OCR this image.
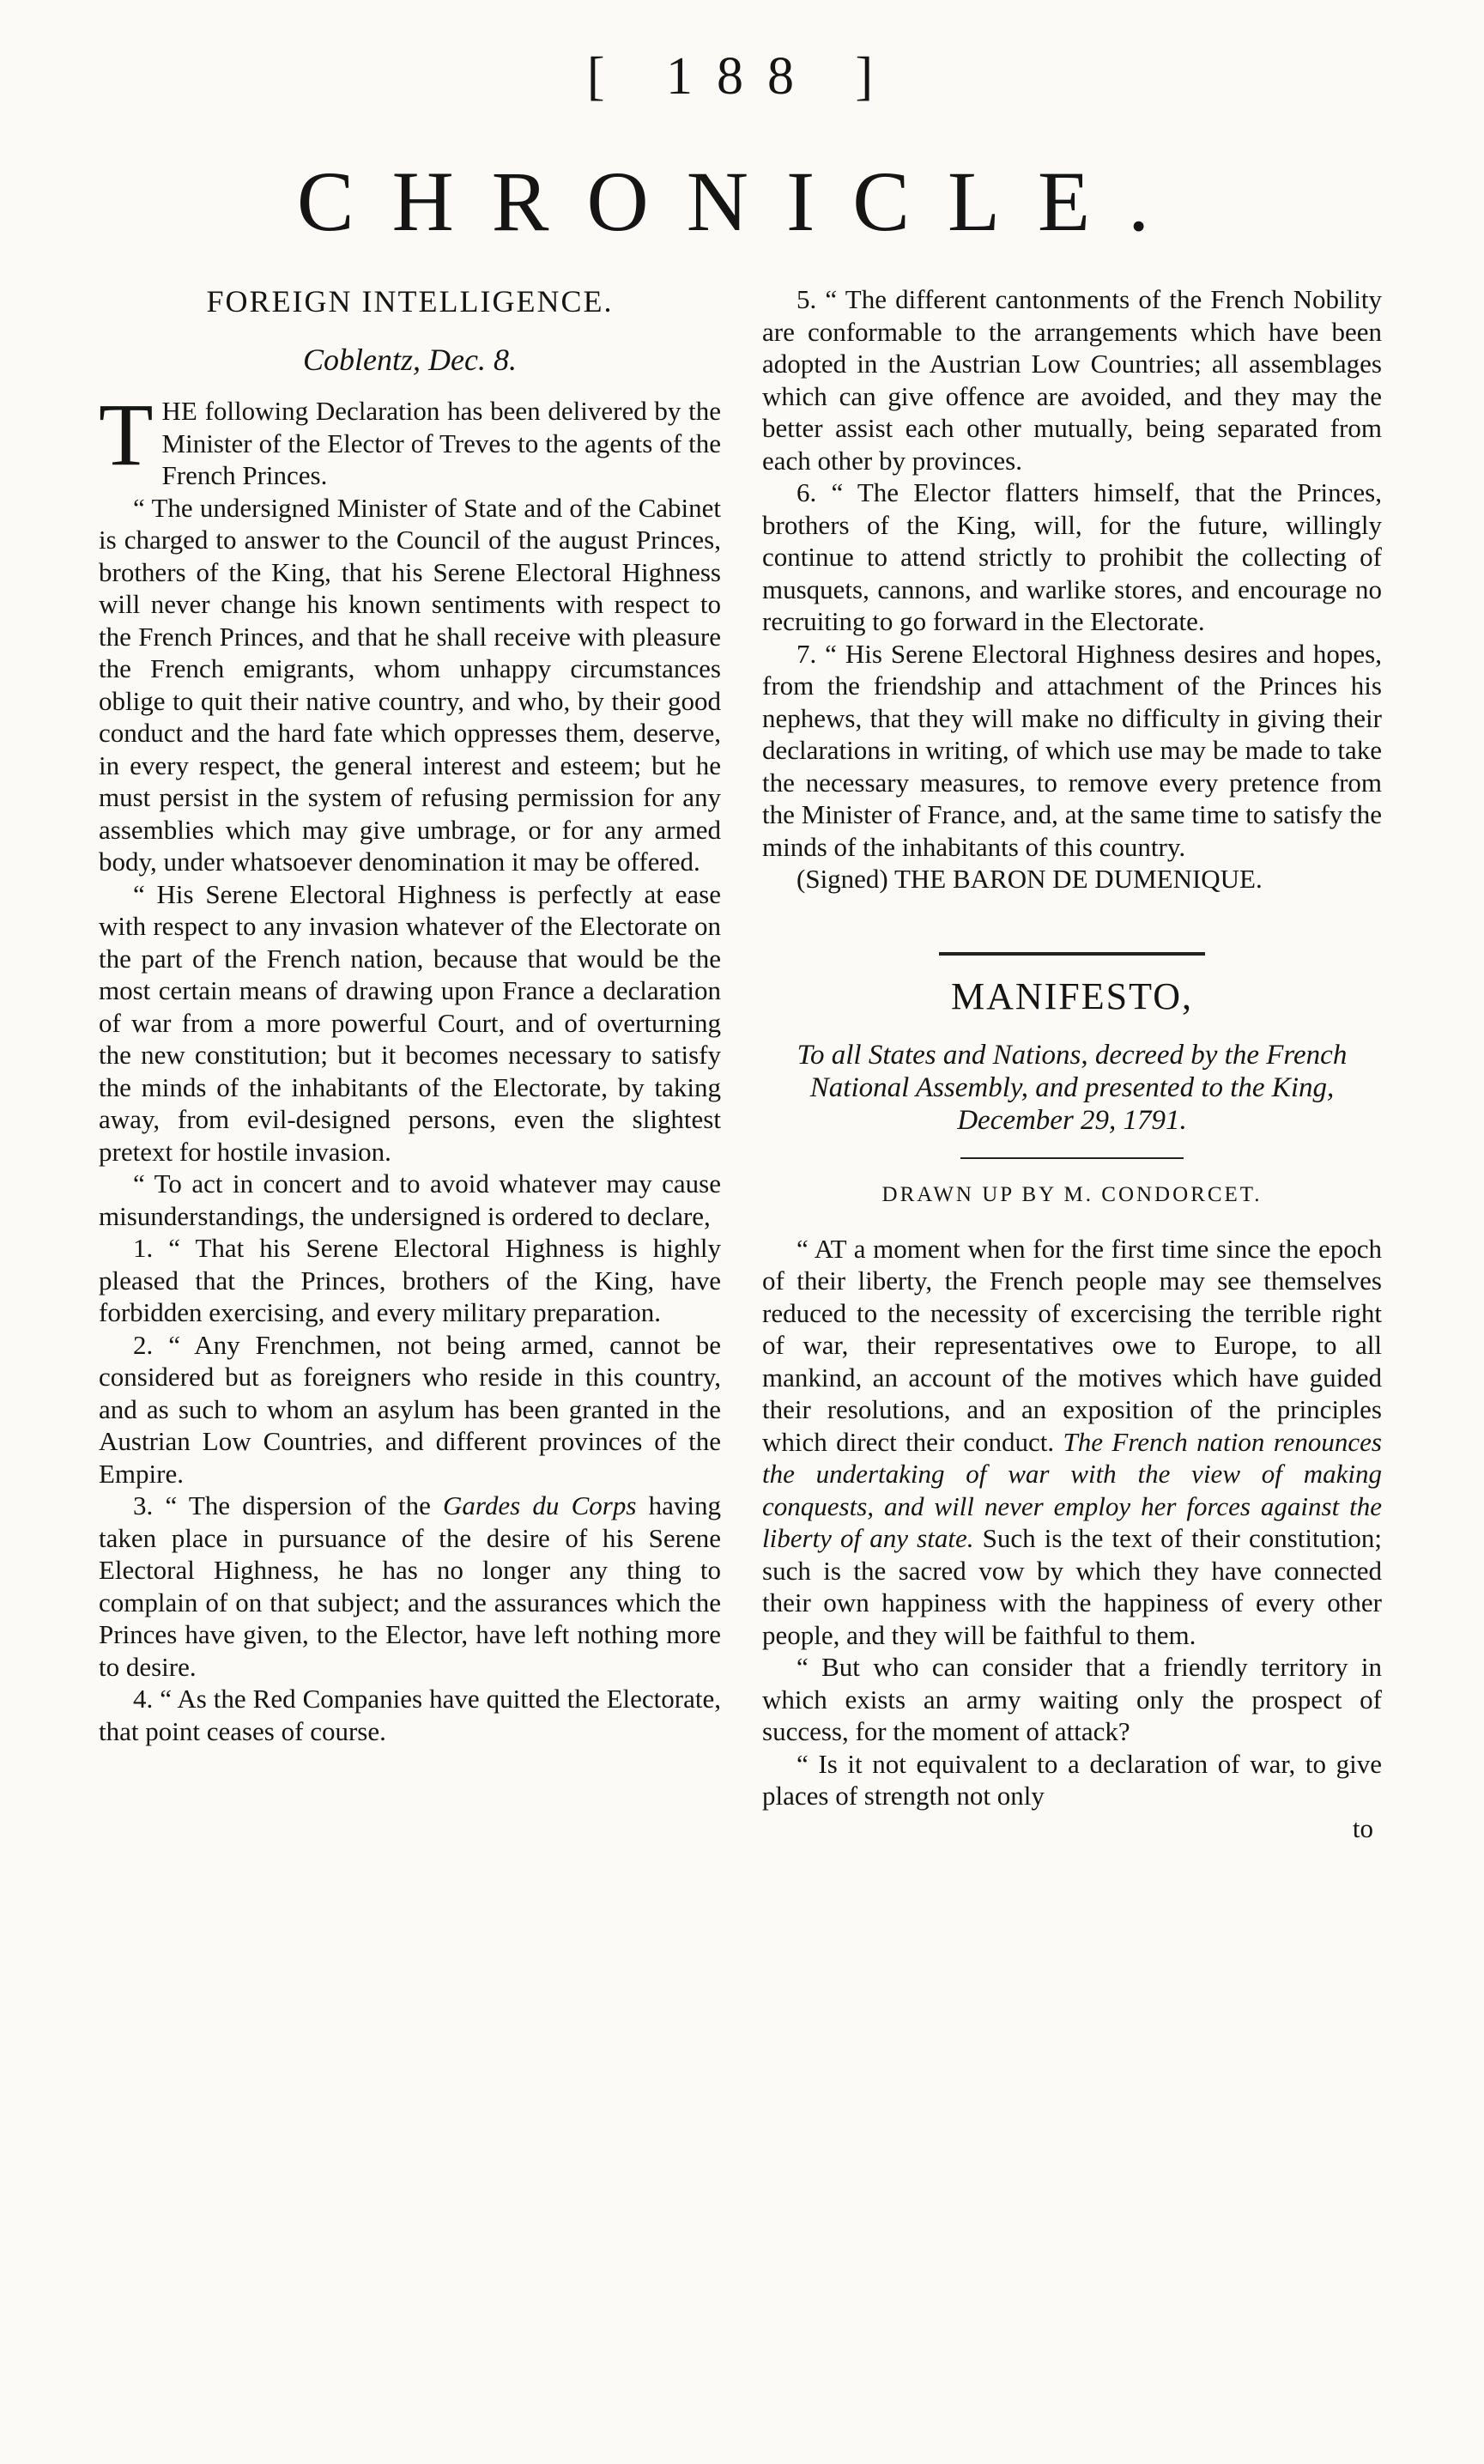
[ 188 ]
CHRONICLE.
FOREIGN INTELLIGENCE.
Coblentz, Dec. 8.

THE following Declaration has been delivered by the Minister of the Elector of Treves to the agents of the French Princes.

“ The undersigned Minister of State and of the Cabinet is charged to answer to the Council of the august Princes, brothers of the King, that his Serene Electoral Highness will never change his known sentiments with respect to the French Princes, and that he shall receive with pleasure the French emigrants, whom unhappy circumstances oblige to quit their native country, and who, by their good conduct and the hard fate which oppresses them, deserve, in every respect, the general interest and esteem; but he must persist in the system of refusing permission for any assemblies which may give umbrage, or for any armed body, under whatsoever denomination it may be offered.

“ His Serene Electoral Highness is perfectly at ease with respect to any invasion whatever of the Electorate on the part of the French nation, because that would be the most certain means of drawing upon France a declaration of war from a more powerful Court, and of overturning the new constitution; but it becomes necessary to satisfy the minds of the inhabitants of the Electorate, by taking away, from evil-designed persons, even the slightest pretext for hostile invasion.

“ To act in concert and to avoid whatever may cause misunderstandings, the undersigned is ordered to declare,

1. “ That his Serene Electoral Highness is highly pleased that the Princes, brothers of the King, have forbidden exercising, and every military preparation.

2. “ Any Frenchmen, not being armed, cannot be considered but as foreigners who reside in this country, and as such to whom an asylum has been granted in the Austrian Low Countries, and different provinces of the Empire.

3. “ The dispersion of the Gardes du Corps having taken place in pursuance of the desire of his Serene Electoral Highness, he has no longer any thing to complain of on that subject; and the assurances which the Princes have given, to the Elector, have left nothing more to desire.

4. “ As the Red Companies have quitted the Electorate, that point ceases of course.

5. “ The different cantonments of the French Nobility are conformable to the arrangements which have been adopted in the Austrian Low Countries; all assemblages which can give offence are avoided, and they may the better assist each other mutually, being separated from each other by provinces.

6. “ The Elector flatters himself, that the Princes, brothers of the King, will, for the future, willingly continue to attend strictly to prohibit the collecting of musquets, cannons, and warlike stores, and encourage no recruiting to go forward in the Electorate.

7. “ His Serene Electoral Highness desires and hopes, from the friendship and attachment of the Princes his nephews, that they will make no difficulty in giving their declarations in writing, of which use may be made to take the necessary measures, to remove every pretence from the Minister of France, and, at the same time to satisfy the minds of the inhabitants of this country.

(Signed) THE BARON DE DUMENIQUE.

MANIFESTO,
To all States and Nations, decreed by the French National Assembly, and presented to the King, December 29, 1791.
DRAWN UP BY M. CONDORCET.

“ AT a moment when for the first time since the epoch of their liberty, the French people may see themselves reduced to the necessity of excercising the terrible right of war, their representatives owe to Europe, to all mankind, an account of the motives which have guided their resolutions, and an exposition of the principles which direct their conduct. The French nation renounces the undertaking of war with the view of making conquests, and will never employ her forces against the liberty of any state. Such is the text of their constitution; such is the sacred vow by which they have connected their own happiness with the happiness of every other people, and they will be faithful to them.

“ But who can consider that a friendly territory in which exists an army waiting only the prospect of success, for the moment of attack?

“ Is it not equivalent to a declaration of war, to give places of strength not only

to
